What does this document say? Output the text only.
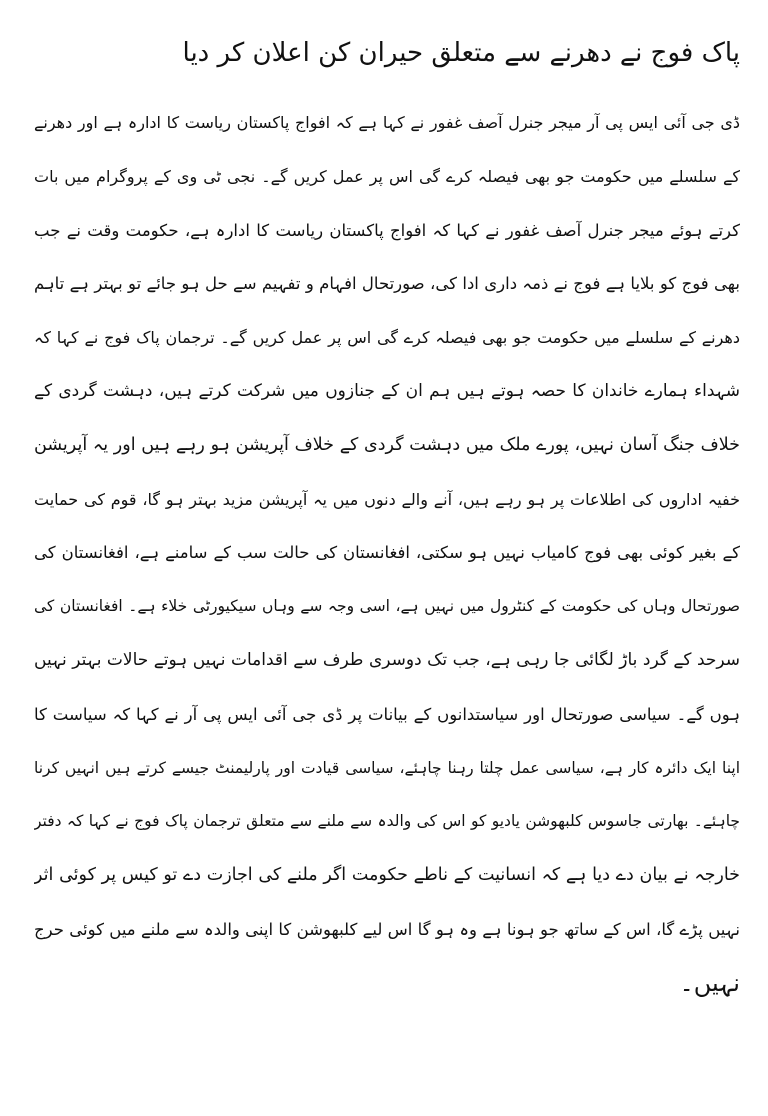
پاک فوج نے دھرنے سے متعلق حیران کن اعلان کر دیا
ڈی جی آئی ایس پی آر میجر جنرل آصف غفور نے کہا ہے کہ افواج پاکستان ریاست کا ادارہ ہے اور دھرنے
کے سلسلے میں حکومت جو بھی فیصلہ کرے گی اس پر عمل کریں گے۔ نجی ٹی وی کے پروگرام میں بات
کرتے ہوئے میجر جنرل آصف غفور نے کہا کہ افواج پاکستان ریاست کا ادارہ ہے، حکومت وقت نے جب
بھی فوج کو بلایا ہے فوج نے ذمہ داری ادا کی، صورتحال افہام و تفہیم سے حل ہو جائے تو بہتر ہے تاہم
دھرنے کے سلسلے میں حکومت جو بھی فیصلہ کرے گی اس پر عمل کریں گے۔ ترجمان پاک فوج نے کہا کہ
شہداء ہمارے خاندان کا حصہ ہوتے ہیں ہم ان کے جنازوں میں شرکت کرتے ہیں، دہشت گردی کے
خلاف جنگ آسان نہیں، پورے ملک میں دہشت گردی کے خلاف آپریشن ہو رہے ہیں اور یہ آپریشن
خفیہ اداروں کی اطلاعات پر ہو رہے ہیں، آنے والے دنوں میں یہ آپریشن مزید بہتر ہو گا، قوم کی حمایت
کے بغیر کوئی بھی فوج کامیاب نہیں ہو سکتی، افغانستان کی حالت سب کے سامنے ہے، افغانستان کی
صورتحال وہاں کی حکومت کے کنٹرول میں نہیں ہے، اسی وجہ سے وہاں سیکیورٹی خلاء ہے۔ افغانستان کی
سرحد کے گرد باڑ لگائی جا رہی ہے، جب تک دوسری طرف سے اقدامات نہیں ہوتے حالات بہتر نہیں
ہوں گے۔ سیاسی صورتحال اور سیاستدانوں کے بیانات پر ڈی جی آئی ایس پی آر نے کہا کہ سیاست کا
اپنا ایک دائرہ کار ہے، سیاسی عمل چلتا رہنا چاہئے، سیاسی قیادت اور پارلیمنٹ جیسے کرتے ہیں انہیں کرنا
چاہئے۔ بھارتی جاسوس کلبھوشن یادیو کو اس کی والدہ سے ملنے سے متعلق ترجمان پاک فوج نے کہا کہ دفتر
خارجہ نے بیان دے دیا ہے کہ انسانیت کے ناطے حکومت اگر ملنے کی اجازت دے تو کیس پر کوئی اثر
نہیں پڑے گا، اس کے ساتھ جو ہونا ہے وہ ہو گا اس لیے کلبھوشن کا اپنی والدہ سے ملنے میں کوئی حرج
نہیں۔
